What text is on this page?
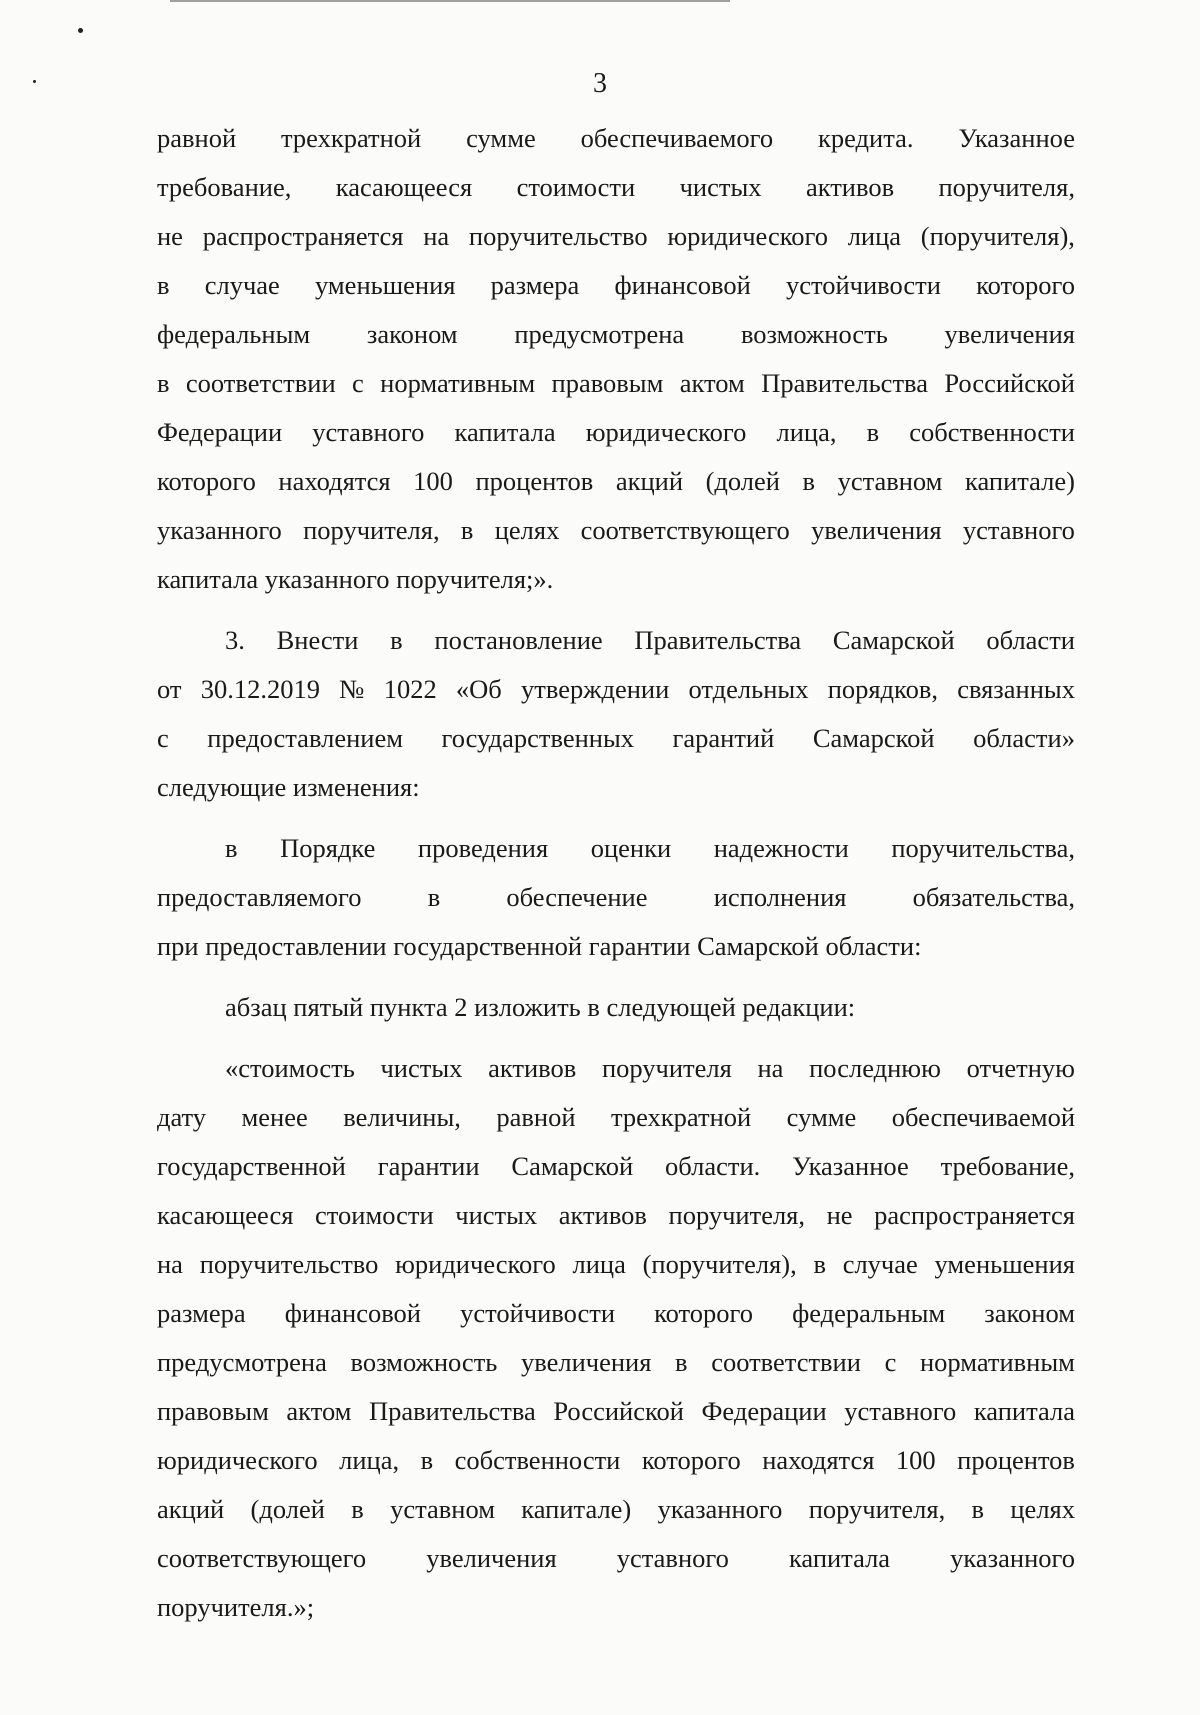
3
равной трехкратной сумме обеспечиваемого кредита. Указанное
требование, касающееся стоимости чистых активов поручителя,
не распространяется на поручительство юридического лица (поручителя),
в случае уменьшения размера финансовой устойчивости которого
федеральным законом предусмотрена возможность увеличения
в соответствии с нормативным правовым актом Правительства Российской
Федерации уставного капитала юридического лица, в собственности
которого находятся 100 процентов акций (долей в уставном капитале)
указанного поручителя, в целях соответствующего увеличения уставного
капитала указанного поручителя;».
3. Внести в постановление Правительства Самарской области
от 30.12.2019 № 1022 «Об утверждении отдельных порядков, связанных
с предоставлением государственных гарантий Самарской области»
следующие изменения:
в Порядке проведения оценки надежности поручительства,
предоставляемого в обеспечение исполнения обязательства,
при предоставлении государственной гарантии Самарской области:
абзац пятый пункта 2 изложить в следующей редакции:
«стоимость чистых активов поручителя на последнюю отчетную
дату менее величины, равной трехкратной сумме обеспечиваемой
государственной гарантии Самарской области. Указанное требование,
касающееся стоимости чистых активов поручителя, не распространяется
на поручительство юридического лица (поручителя), в случае уменьшения
размера финансовой устойчивости которого федеральным законом
предусмотрена возможность увеличения в соответствии с нормативным
правовым актом Правительства Российской Федерации уставного капитала
юридического лица, в собственности которого находятся 100 процентов
акций (долей в уставном капитале) указанного поручителя, в целях
соответствующего увеличения уставного капитала указанного
поручителя.»;
